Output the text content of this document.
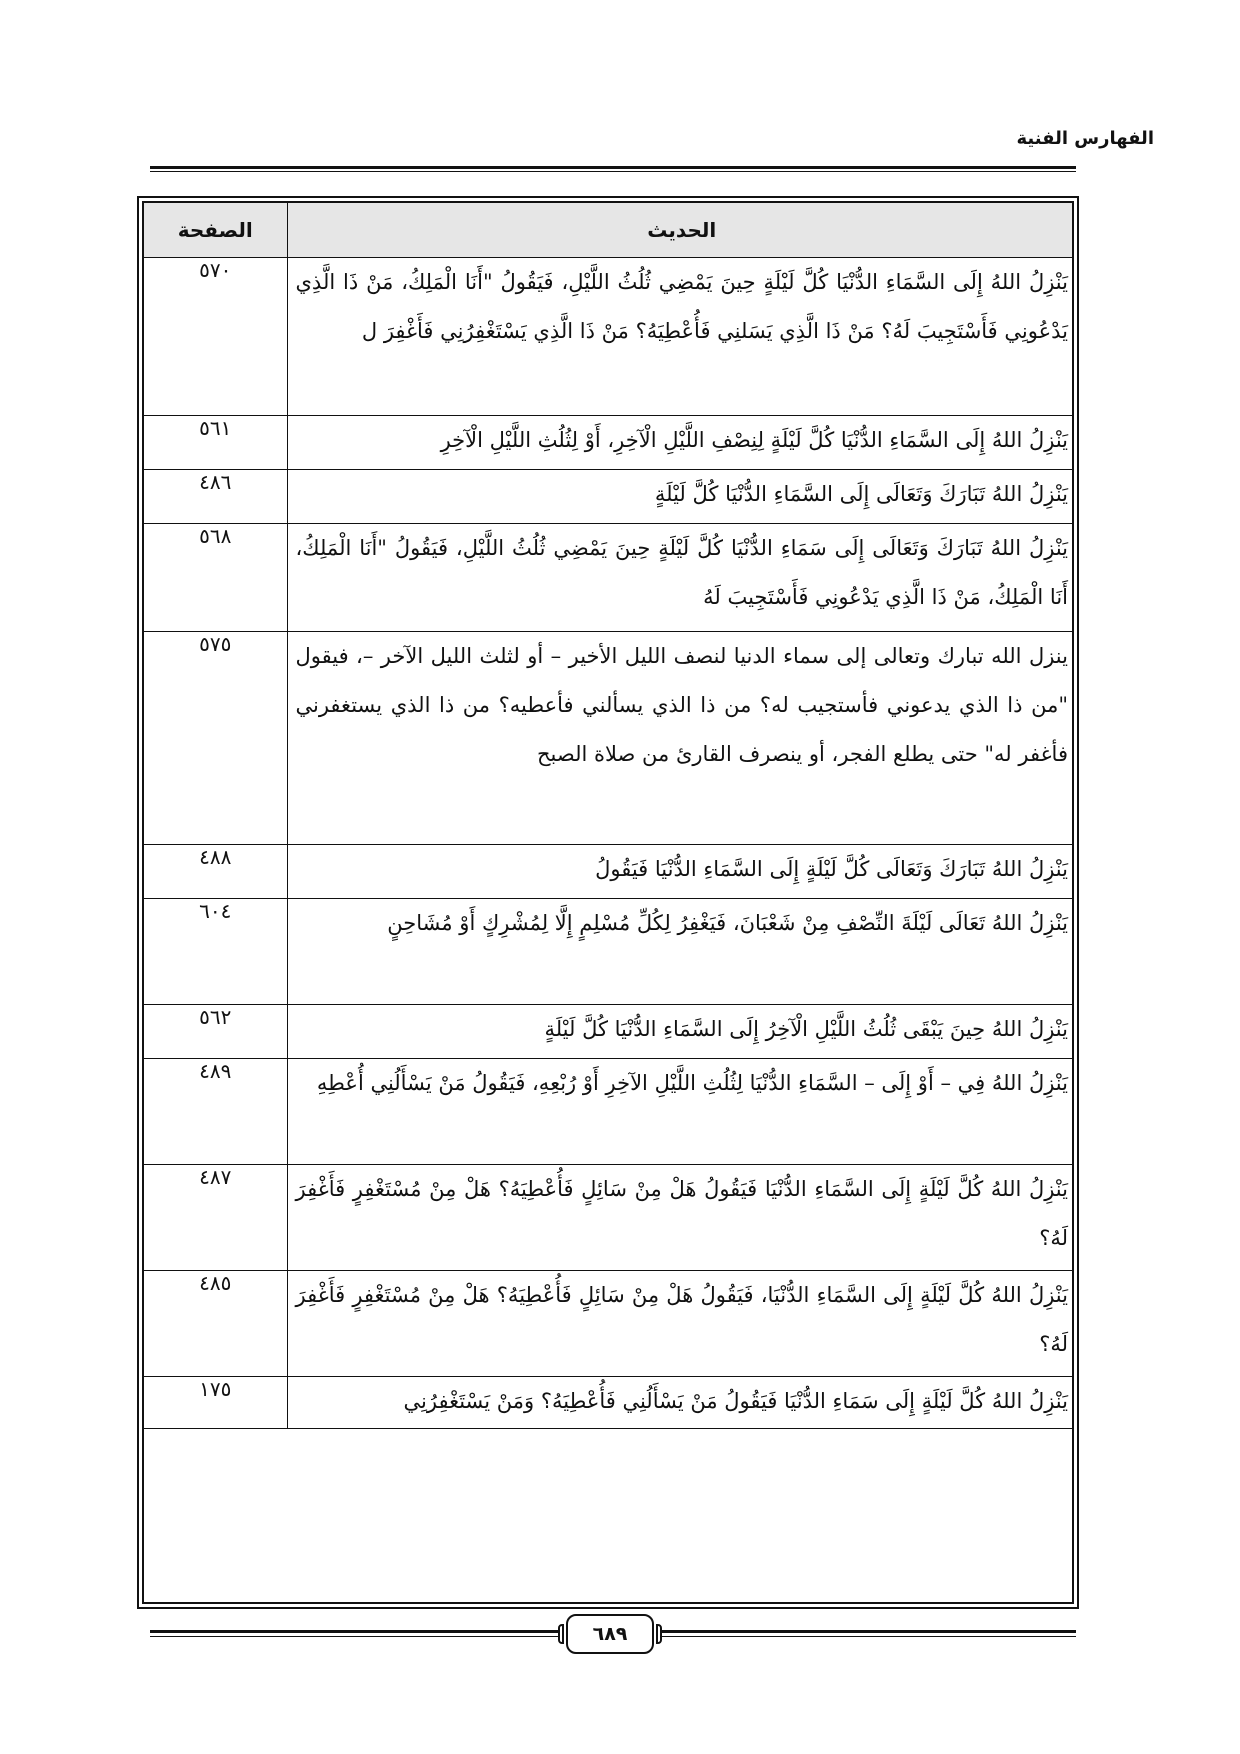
الفهارس الفنية
الحديث	الصفحة
يَنْزِلُ اللهُ إِلَى السَّمَاءِ الدُّنْيَا كُلَّ لَيْلَةٍ حِينَ يَمْضِي ثُلُثُ اللَّيْلِ، فَيَقُولُ "أَنَا الْمَلِكُ، مَنْ ذَا الَّذِي يَدْعُونِي فَأَسْتَجِيبَ لَهُ؟ مَنْ ذَا الَّذِي يَسَلنِي فَأُعْطِيَهُ؟ مَنْ ذَا الَّذِي يَسْتَغْفِرُنِي فَأَغْفِرَ ل	٥٧٠
يَنْزِلُ اللهُ إِلَى السَّمَاءِ الدُّنْيَا كُلَّ لَيْلَةٍ لِنِصْفِ اللَّيْلِ الْآخِرِ، أَوْ لِثُلُثِ اللَّيْلِ الْآخِرِ	٥٦١
يَنْزِلُ اللهُ تَبَارَكَ وَتَعَالَى إِلَى السَّمَاءِ الدُّنْيَا كُلَّ لَيْلَةٍ	٤٨٦
يَنْزِلُ اللهُ تَبَارَكَ وَتَعَالَى إِلَى سَمَاءِ الدُّنْيَا كُلَّ لَيْلَةٍ حِينَ يَمْضِي ثُلُثُ اللَّيْلِ، فَيَقُولُ "أَنَا الْمَلِكُ، أَنَا الْمَلِكُ، مَنْ ذَا الَّذِي يَدْعُونِي فَأَسْتَجِيبَ لَهُ	٥٦٨
ينزل الله تبارك وتعالى إلى سماء الدنيا لنصف الليل الأخير – أو لثلث الليل الآخر –، فيقول "من ذا الذي يدعوني فأستجيب له؟ من ذا الذي يسألني فأعطيه؟ من ذا الذي يستغفرني فأغفر له" حتى يطلع الفجر، أو ينصرف القارئ من صلاة الصبح	٥٧٥
يَنْزِلُ اللهُ تَبَارَكَ وَتَعَالَى كُلَّ لَيْلَةٍ إِلَى السَّمَاءِ الدُّنْيَا فَيَقُولُ	٤٨٨
يَنْزِلُ اللهُ تَعَالَى لَيْلَةَ النِّصْفِ مِنْ شَعْبَانَ، فَيَغْفِرُ لِكُلِّ مُسْلِمٍ إِلَّا لِمُشْرِكٍ أَوْ مُشَاحِنٍ	٦٠٤
يَنْزِلُ اللهُ حِينَ يَبْقَى ثُلُثُ اللَّيْلِ الْآخِرُ إِلَى السَّمَاءِ الدُّنْيَا كُلَّ لَيْلَةٍ	٥٦٢
يَنْزِلُ اللهُ فِي – أَوْ إِلَى – السَّمَاءِ الدُّنْيَا لِثُلُثِ اللَّيْلِ الآخِرِ أَوْ رُبْعِهِ، فَيَقُولُ مَنْ يَسْأَلُنِي أُعْطِهِ	٤٨٩
يَنْزِلُ اللهُ كُلَّ لَيْلَةٍ إِلَى السَّمَاءِ الدُّنْيَا فَيَقُولُ هَلْ مِنْ سَائِلٍ فَأُعْطِيَهُ؟ هَلْ مِنْ مُسْتَغْفِرٍ فَأَغْفِرَ لَهُ؟	٤٨٧
يَنْزِلُ اللهُ كُلَّ لَيْلَةٍ إِلَى السَّمَاءِ الدُّنْيَا، فَيَقُولُ هَلْ مِنْ سَائِلٍ فَأُعْطِيَهُ؟ هَلْ مِنْ مُسْتَغْفِرٍ فَأَغْفِرَ لَهُ؟	٤٨٥
يَنْزِلُ اللهُ كُلَّ لَيْلَةٍ إِلَى سَمَاءِ الدُّنْيَا فَيَقُولُ مَنْ يَسْأَلُنِي فَأُعْطِيَهُ؟ وَمَنْ يَسْتَغْفِرُنِي	١٧٥
٦٨٩
